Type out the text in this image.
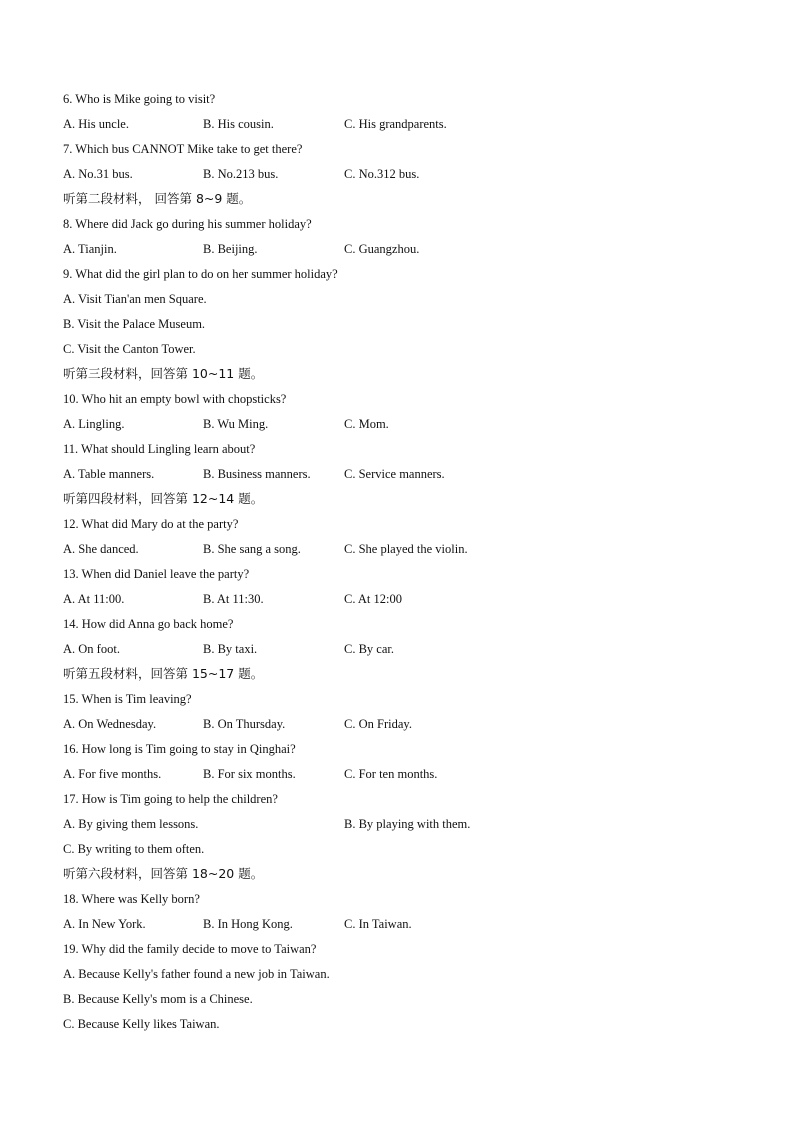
6. Who is Mike going to visit?
A. His uncle.	B. His cousin.	C. His grandparents.
7. Which bus CANNOT Mike take to get there?
A. No.31 bus.	B. No.213 bus.	C. No.312 bus.
听第二段材料， 回答第 8~9 题。
8. Where did Jack go during his summer holiday?
A. Tianjin.	B. Beijing.	C. Guangzhou.
9. What did the girl plan to do on her summer holiday?
A. Visit Tian'an men Square.
B. Visit the Palace Museum.
C. Visit the Canton Tower.
听第三段材料，回答第 10~11 题。
10. Who hit an empty bowl with chopsticks?
A. Lingling.	B. Wu Ming.	C. Mom.
11. What should Lingling learn about?
A. Table manners.	B. Business manners.	C. Service manners.
听第四段材料，回答第 12~14 题。
12. What did Mary do at the party?
A. She danced.	B. She sang a song.	C. She played the violin.
13. When did Daniel leave the party?
A. At 11:00.	B. At 11:30.	C. At 12:00
14. How did Anna go back home?
A. On foot.	B. By taxi.	C. By car.
听第五段材料，回答第 15~17 题。
15. When is Tim leaving?
A. On Wednesday.	B. On Thursday.	C. On Friday.
16. How long is Tim going to stay in Qinghai?
A. For five months.	B. For six months.	C. For ten months.
17. How is Tim going to help the children?
A. By giving them lessons.	B. By playing with them.
C. By writing to them often.
听第六段材料，回答第 18~20 题。
18. Where was Kelly born?
A. In New York.	B. In Hong Kong.	C. In Taiwan.
19. Why did the family decide to move to Taiwan?
A. Because Kelly's father found a new job in Taiwan.
B. Because Kelly's mom is a Chinese.
C. Because Kelly likes Taiwan.
